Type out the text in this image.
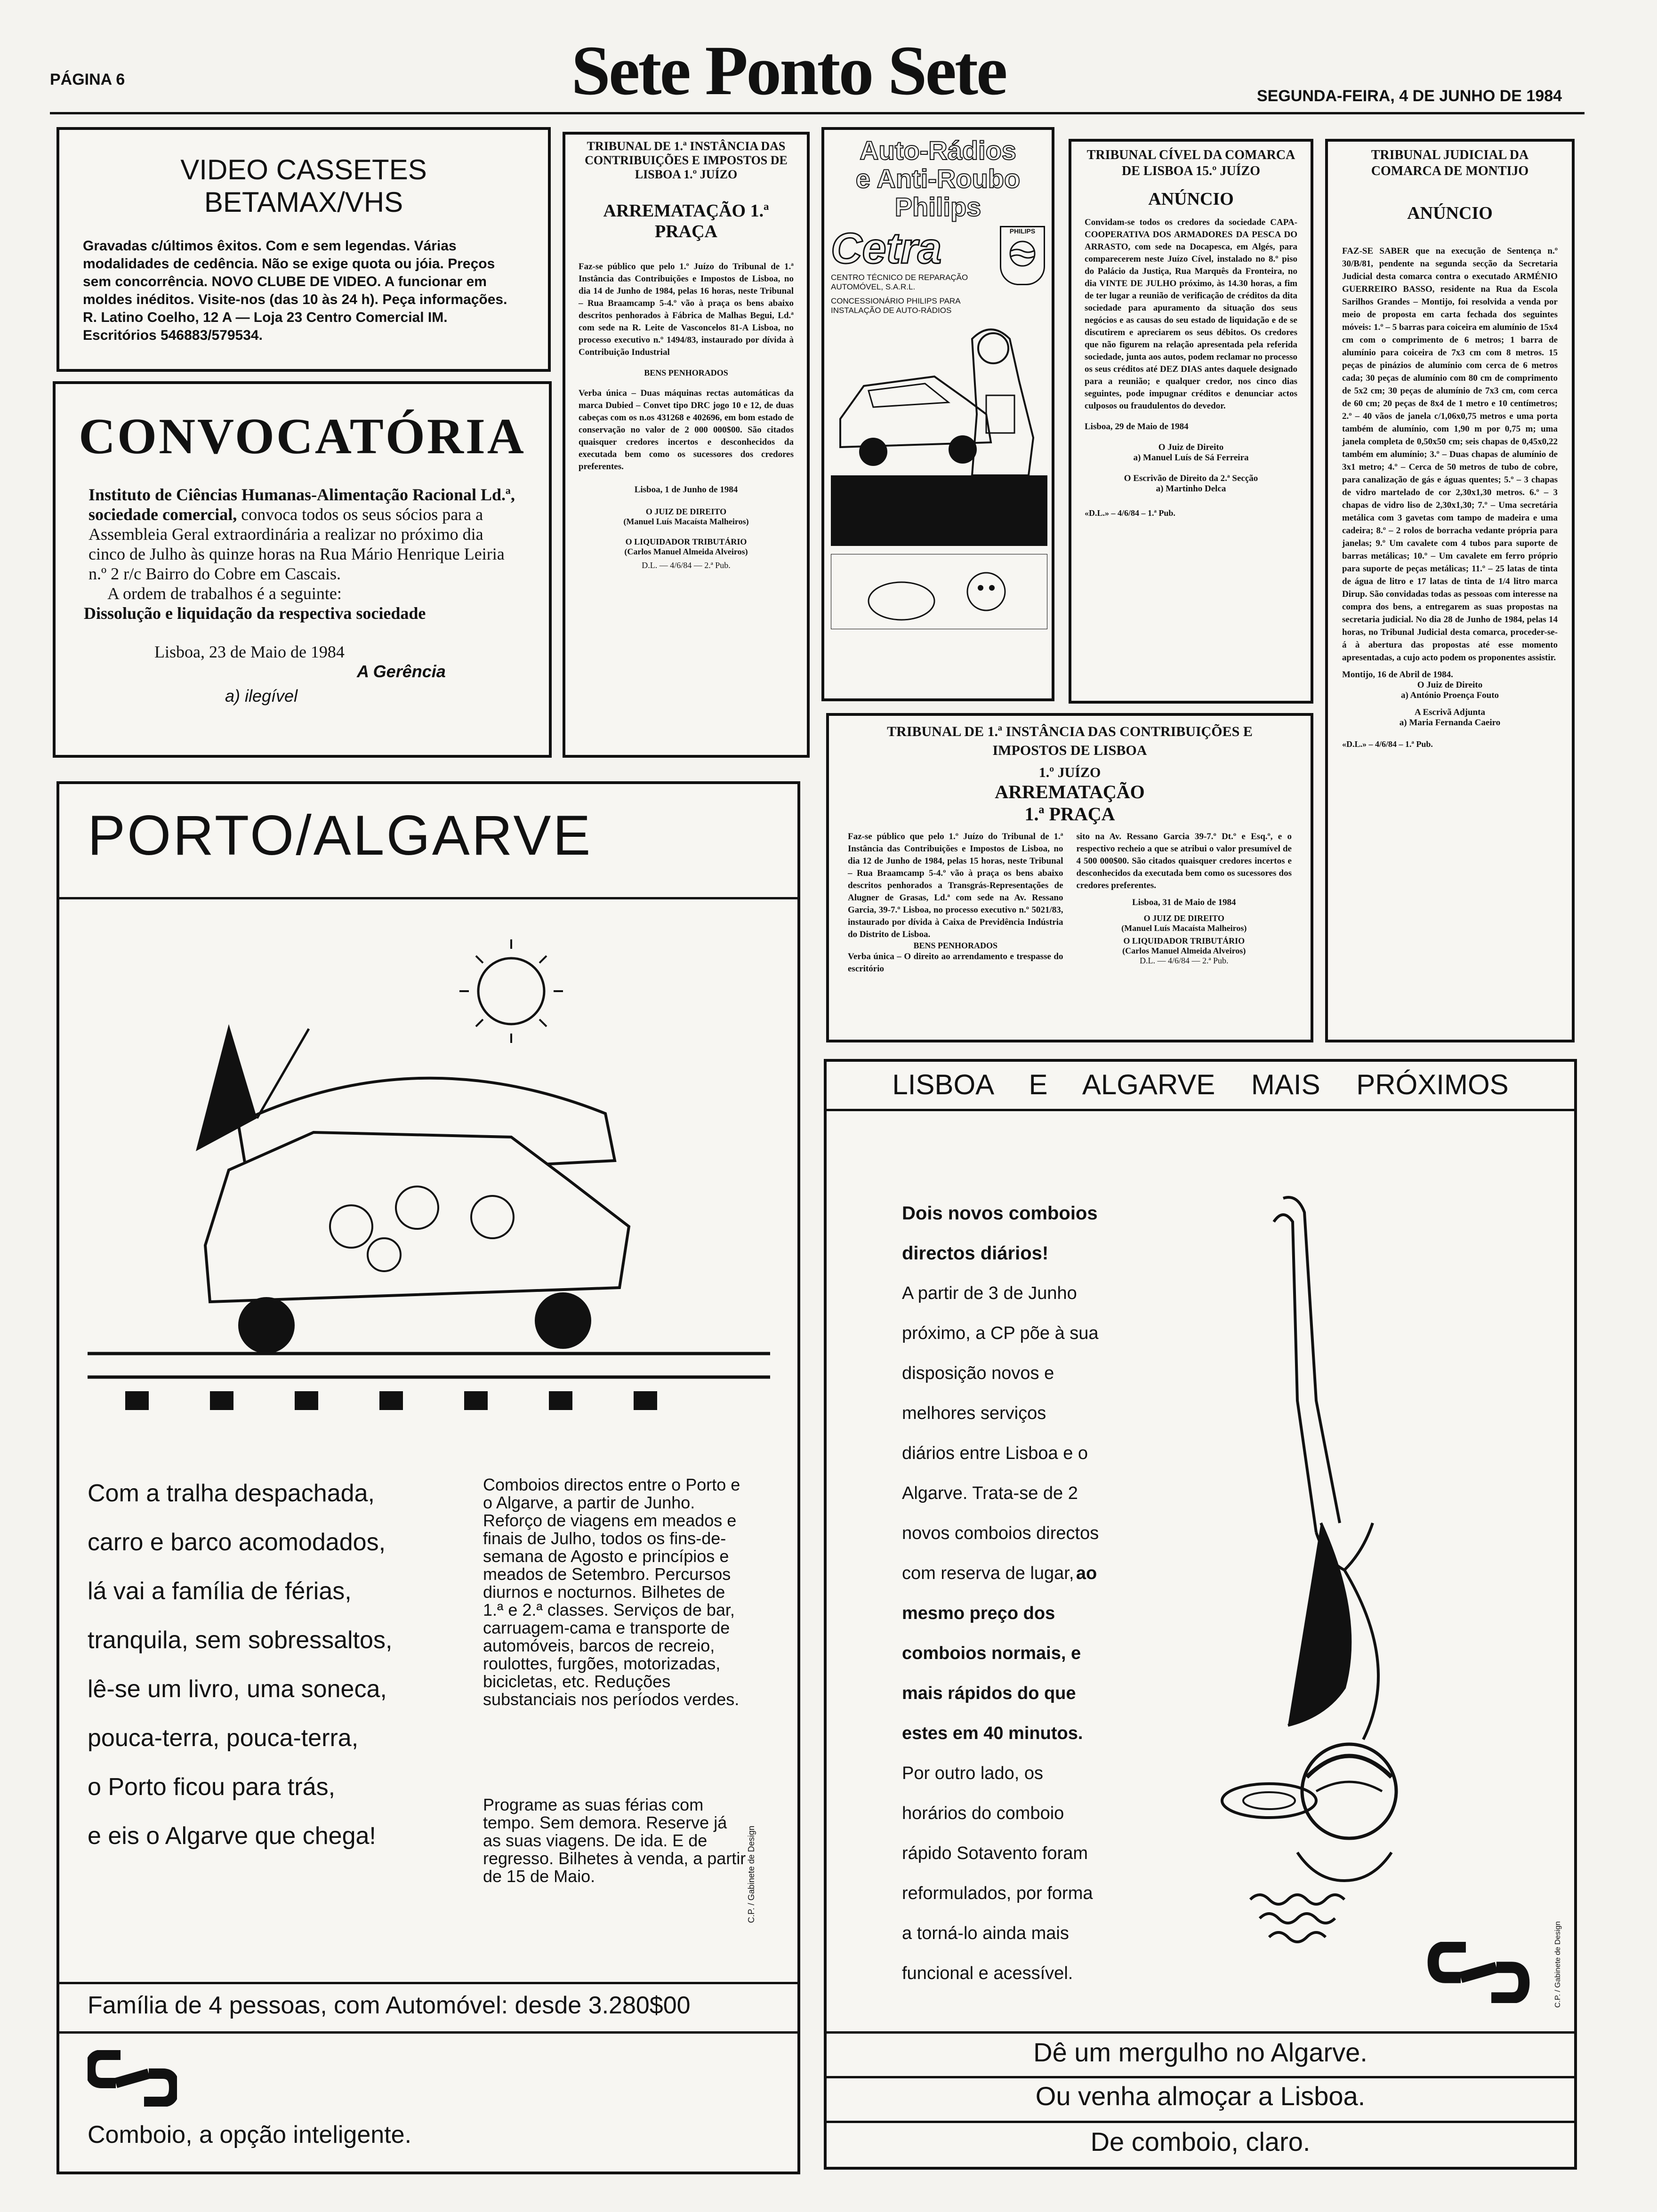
PÁGINA 6	Sete Ponto Sete	SEGUNDA-FEIRA, 4 DE JUNHO DE 1984
VIDEO CASSETES
BETAMAX/VHS

Gravadas c/últimos êxitos. Com e sem legendas. Várias modalidades de cedência. Não se exige quota ou jóia. Preços sem concorrência. NOVO CLUBE DE VIDEO. A funcionar em moldes inéditos. Visite-nos (das 10 às 24 h). Peça informações. R. Latino Coelho, 12 A — Loja 23 Centro Comercial IM. Escritórios 546883/579534.

CONVOCATÓRIA

Instituto de Ciências Humanas-Alimentação Racional Ld.ª, sociedade comercial, convoca todos os seus sócios para a Assembleia Geral extraordinária a realizar no próximo dia cinco de Julho às quinze horas na Rua Mário Henrique Leiria n.º 2 r/c Bairro do Cobre em Cascais.

A ordem de trabalhos é a seguinte:

Dissolução e liquidação da respectiva sociedade

Lisboa, 23 de Maio de 1984

A Gerência

a) ilegível

TRIBUNAL DE 1.ª INSTÂNCIA DAS CONTRIBUIÇÕES E IMPOSTOS DE LISBOA 1.º JUÍZO
ARREMATAÇÃO 1.ª PRAÇA

Faz-se público que pelo 1.º Juízo do Tribunal de 1.ª Instância das Contribuições e Impostos de Lisboa, no dia 14 de Junho de 1984, pelas 16 horas, neste Tribunal – Rua Braamcamp 5-4.º vão à praça os bens abaixo descritos penhorados à Fábrica de Malhas Begui, Ld.ª com sede na R. Leite de Vasconcelos 81-A Lisboa, no processo executivo n.º 1494/83, instaurado por dívida à Contribuição Industrial

BENS PENHORADOS

Verba única – Duas máquinas rectas automáticas da marca Dubied – Convet tipo DRC jogo 10 e 12, de duas cabeças com os n.os 431268 e 402696, em bom estado de conservação no valor de 2 000 000$00. São citados quaisquer credores incertos e desconhecidos da executada bem como os sucessores dos credores preferentes.

Lisboa, 1 de Junho de 1984
O JUIZ DE DIREITO
(Manuel Luís Macaísta Malheiros)
O LIQUIDADOR TRIBUTÁRIO
(Carlos Manuel Almeida Alveiros)
D.L. — 4/6/84 — 2.ª Pub.
Auto-Rádios
e Anti-Roubo
Philips
Cetra

CENTRO TÉCNICO DE REPARAÇÃO AUTOMÓVEL, S.A.R.L.

CONCESSIONÁRIO PHILIPS PARA INSTALAÇÃO DE AUTO-RÁDIOS

PHILIPS

TRIBUNAL CÍVEL DA COMARCA DE LISBOA 15.º JUÍZO
ANÚNCIO

Convidam-se todos os credores da sociedade CAPA-COOPERATIVA DOS ARMADORES DA PESCA DO ARRASTO, com sede na Docapesca, em Algés, para comparecerem neste Juízo Cível, instalado no 8.º piso do Palácio da Justiça, Rua Marquês da Fronteira, no dia VINTE DE JULHO próximo, às 14.30 horas, a fim de ter lugar a reunião de verificação de créditos da dita sociedade para apuramento da situação dos seus negócios e as causas do seu estado de liquidação e de se discutirem e apreciarem os seus débitos. Os credores que não figurem na relação apresentada pela referida sociedade, junta aos autos, podem reclamar no processo os seus créditos até DEZ DIAS antes daquele designado para a reunião; e qualquer credor, nos cinco dias seguintes, pode impugnar créditos e denunciar actos culposos ou fraudulentos do devedor.

Lisboa, 29 de Maio de 1984

O Juiz de Direito
a) Manuel Luís de Sá Ferreira
O Escrivão de Direito da 2.ª Secção
a) Martinho Delca

«D.L.» – 4/6/84 – 1.ª Pub.

TRIBUNAL JUDICIAL DA COMARCA DE MONTIJO
ANÚNCIO

FAZ-SE SABER que na execução de Sentença n.º 30/B/81, pendente na segunda secção da Secretaria Judicial desta comarca contra o executado ARMÉNIO GUERREIRO BASSO, residente na Rua da Escola Sarilhos Grandes – Montijo, foi resolvida a venda por meio de proposta em carta fechada dos seguintes móveis: 1.º – 5 barras para coiceira em alumínio de 15x4 cm com o comprimento de 6 metros; 1 barra de alumínio para coiceira de 7x3 cm com 8 metros. 15 peças de pinázios de alumínio com cerca de 6 metros cada; 30 peças de alumínio com 80 cm de comprimento de 5x2 cm; 30 peças de alumínio de 7x3 cm, com cerca de 60 cm; 20 peças de 8x4 de 1 metro e 10 centímetros; 2.º – 40 vãos de janela c/1,06x0,75 metros e uma porta também de alumínio, com 1,90 m por 0,75 m; uma janela completa de 0,50x50 cm; seis chapas de 0,45x0,22 também em alumínio; 3.º – Duas chapas de alumínio de 3x1 metro; 4.º – Cerca de 50 metros de tubo de cobre, para canalização de gás e águas quentes; 5.º – 3 chapas de vidro martelado de cor 2,30x1,30 metros. 6.º – 3 chapas de vidro liso de 2,30x1,30; 7.º – Uma secretária metálica com 3 gavetas com tampo de madeira e uma cadeira; 8.º – 2 rolos de borracha vedante própria para janelas; 9.º Um cavalete com 4 tubos para suporte de barras metálicas; 10.º – Um cavalete em ferro próprio para suporte de peças metálicas; 11.º – 25 latas de tinta de água de litro e 17 latas de tinta de 1/4 litro marca Dirup. São convidadas todas as pessoas com interesse na compra dos bens, a entregarem as suas propostas na secretaria judicial. No dia 28 de Junho de 1984, pelas 14 horas, no Tribunal Judicial desta comarca, proceder-se-á à abertura das propostas até esse momento apresentadas, a cujo acto podem os proponentes assistir.

Montijo, 16 de Abril de 1984.

O Juiz de Direito
a) António Proença Fouto
A Escrivã Adjunta
a) Maria Fernanda Caeiro

«D.L.» – 4/6/84 – 1.ª Pub.

TRIBUNAL DE 1.ª INSTÂNCIA DAS CONTRIBUIÇÕES E IMPOSTOS DE LISBOA
1.º JUÍZO
ARREMATAÇÃO
1.ª PRAÇA

Faz-se público que pelo 1.º Juízo do Tribunal de 1.ª Instância das Contribuições e Impostos de Lisboa, no dia 12 de Junho de 1984, pelas 15 horas, neste Tribunal – Rua Braamcamp 5-4.º vão à praça os bens abaixo descritos penhorados a Transgrás-Representações de Alugner de Grasas, Ld.ª com sede na Av. Ressano Garcia, 39-7.º Lisboa, no processo executivo n.º 5021/83, instaurado por dívida à Caixa de Previdência Indústria do Distrito de Lisboa.

BENS PENHORADOS

Verba única – O direito ao arrendamento e trespasse do escritório

sito na Av. Ressano Garcia 39-7.º Dt.º e Esq.º, e o respectivo recheio a que se atribui o valor presumível de 4 500 000$00. São citados quaisquer credores incertos e desconhecidos da executada bem como os sucessores dos credores preferentes.

Lisboa, 31 de Maio de 1984
O JUIZ DE DIREITO
(Manuel Luís Macaísta Malheiros)
O LIQUIDADOR TRIBUTÁRIO
(Carlos Manuel Almeida Alveiros)
D.L. — 4/6/84 — 2.ª Pub.
PORTO/ALGARVE

Com a tralha despachada,

carro e barco acomodados,

lá vai a família de férias,

tranquila, sem sobressaltos,

lê-se um livro, uma soneca,

pouca-terra, pouca-terra,

o Porto ficou para trás,

e eis o Algarve que chega!

Comboios directos entre o Porto e o Algarve, a partir de Junho. Reforço de viagens em meados e finais de Julho, todos os fins-de-semana de Agosto e princípios e meados de Setembro. Percursos diurnos e nocturnos. Bilhetes de 1.ª e 2.ª classes. Serviços de bar, carruagem-cama e transporte de automóveis, barcos de recreio, roulottes, furgões, motorizadas, bicicletas, etc. Reduções substanciais nos períodos verdes.

Programe as suas férias com tempo. Sem demora. Reserve já as suas viagens. De ida. E de regresso. Bilhetes à venda, a partir de 15 de Maio.	C.P. / Gabinete de Design
Família de 4 pessoas, com Automóvel: desde 3.280$00
Comboio, a opção inteligente.
LISBOA E ALGARVE MAIS PRÓXIMOS

Dois novos comboios directos diários!

A partir de 3 de Junho próximo, a CP põe à sua disposição novos e melhores serviços diários entre Lisboa e o Algarve. Trata-se de 2 novos comboios directos com reserva de lugar, ao mesmo preço dos comboios normais, e mais rápidos do que estes em 40 minutos.

Por outro lado, os horários do comboio rápido Sotavento foram reformulados, por forma a torná-lo ainda mais funcional e acessível.	C.P. / Gabinete de Design
Dê um mergulho no Algarve.
Ou venha almoçar a Lisboa.
De comboio, claro.
